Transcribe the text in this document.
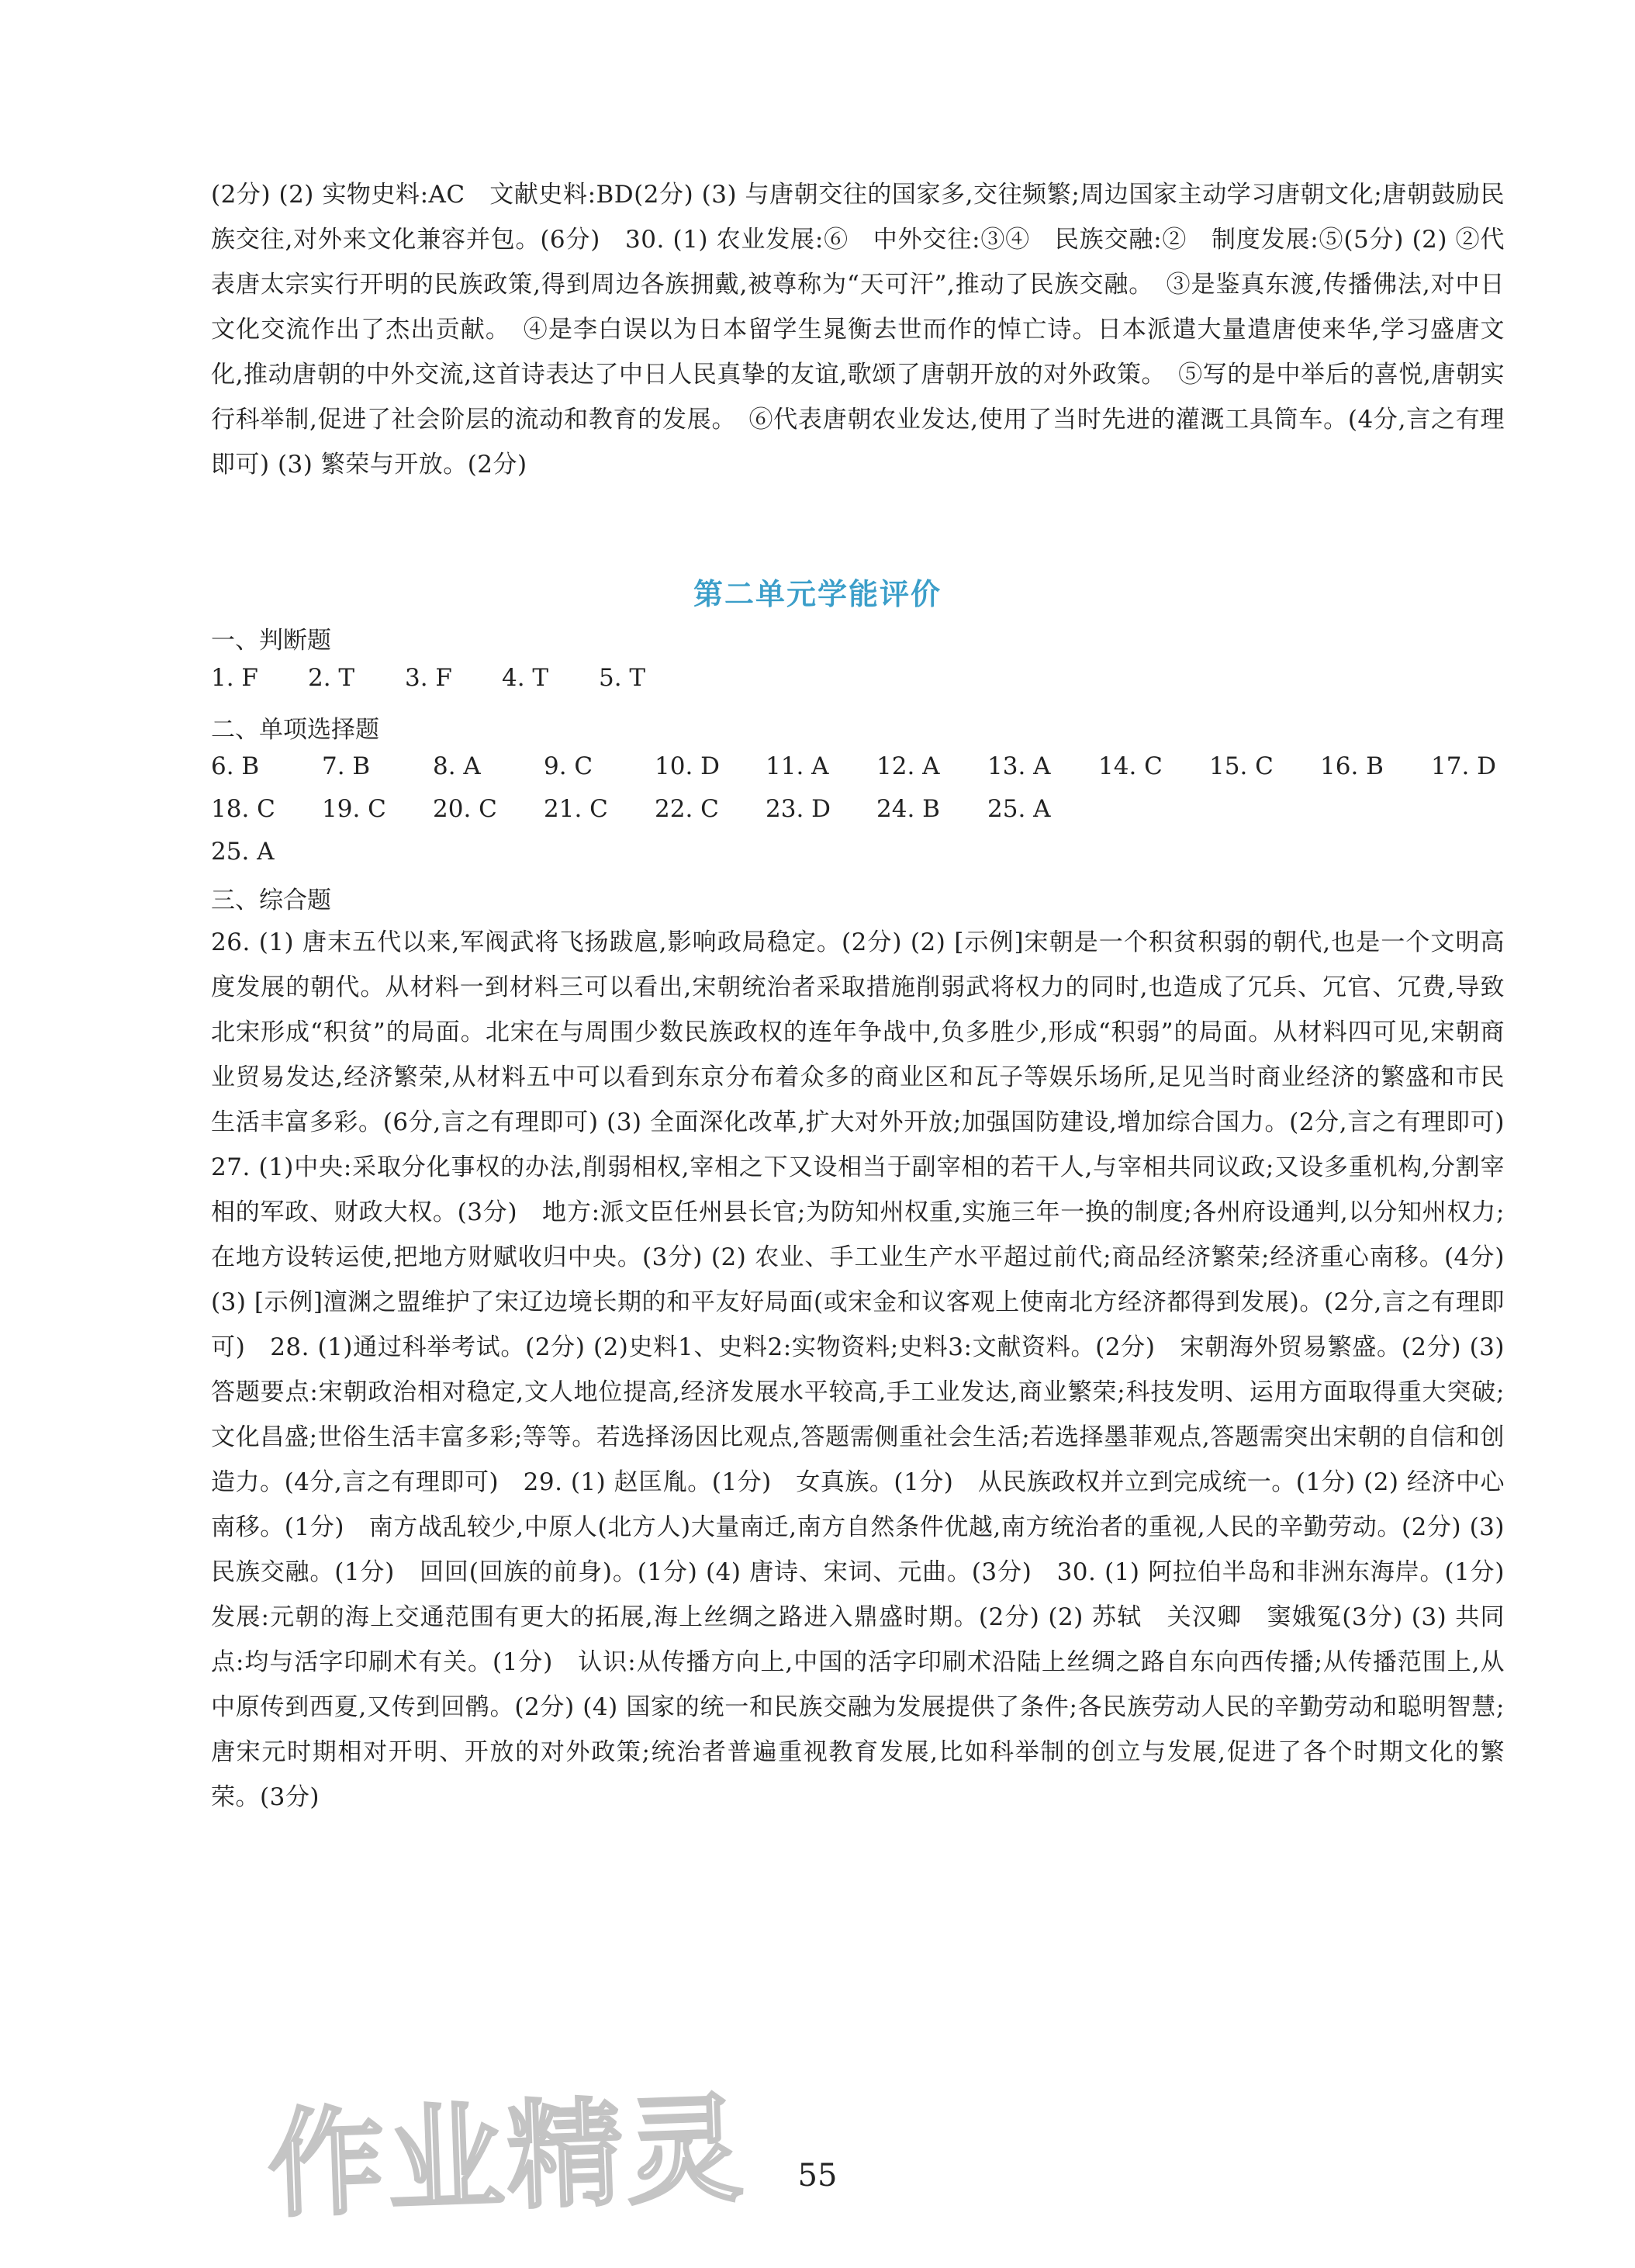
(2分) (2) 实物史料:AC　文献史料:BD(2分) (3) 与唐朝交往的国家多,交往频繁;周边国家主动学习唐朝文化;唐朝鼓励民族交往,对外来文化兼容并包。(6分)　30. (1) 农业发展:⑥　中外交往:③④　民族交融:②　制度发展:⑤(5分) (2) ②代表唐太宗实行开明的民族政策,得到周边各族拥戴,被尊称为“天可汗”,推动了民族交融。　③是鉴真东渡,传播佛法,对中日文化交流作出了杰出贡献。　④是李白误以为日本留学生晁衡去世而作的悼亡诗。日本派遣大量遣唐使来华,学习盛唐文化,推动唐朝的中外交流,这首诗表达了中日人民真挚的友谊,歌颂了唐朝开放的对外政策。　⑤写的是中举后的喜悦,唐朝实行科举制,促进了社会阶层的流动和教育的发展。　⑥代表唐朝农业发达,使用了当时先进的灌溉工具筒车。(4分,言之有理即可) (3) 繁荣与开放。(2分)

第二单元学能评价

一、判断题

1. F 2. T 3. F 4. T 5. T

二、单项选择题

6. B	7. B	8. A	9. C	10. D 11. A 12. A 13. A 14. C 15. C 16. B 17. D

18. C 19. C 20. C 21. C 22. C 23. D 24. B 25. A

25. A

三、综合题

26. (1) 唐末五代以来,军阀武将飞扬跋扈,影响政局稳定。(2分) (2) [示例]宋朝是一个积贫积弱的朝代,也是一个文明高度发展的朝代。从材料一到材料三可以看出,宋朝统治者采取措施削弱武将权力的同时,也造成了冗兵、冗官、冗费,导致北宋形成“积贫”的局面。北宋在与周围少数民族政权的连年争战中,负多胜少,形成“积弱”的局面。从材料四可见,宋朝商业贸易发达,经济繁荣,从材料五中可以看到东京分布着众多的商业区和瓦子等娱乐场所,足见当时商业经济的繁盛和市民生活丰富多彩。(6分,言之有理即可) (3) 全面深化改革,扩大对外开放;加强国防建设,增加综合国力。(2分,言之有理即可)　27. (1)中央:采取分化事权的办法,削弱相权,宰相之下又设相当于副宰相的若干人,与宰相共同议政;又设多重机构,分割宰相的军政、财政大权。(3分)　地方:派文臣任州县长官;为防知州权重,实施三年一换的制度;各州府设通判,以分知州权力;在地方设转运使,把地方财赋收归中央。(3分) (2) 农业、手工业生产水平超过前代;商品经济繁荣;经济重心南移。(4分) (3) [示例]澶渊之盟维护了宋辽边境长期的和平友好局面(或宋金和议客观上使南北方经济都得到发展)。(2分,言之有理即可)　28. (1)通过科举考试。(2分) (2)史料1、史料2:实物资料;史料3:文献资料。(2分)　宋朝海外贸易繁盛。(2分) (3)答题要点:宋朝政治相对稳定,文人地位提高,经济发展水平较高,手工业发达,商业繁荣;科技发明、运用方面取得重大突破;文化昌盛;世俗生活丰富多彩;等等。若选择汤因比观点,答题需侧重社会生活;若选择墨菲观点,答题需突出宋朝的自信和创造力。(4分,言之有理即可)　29. (1) 赵匡胤。(1分)　女真族。(1分)　从民族政权并立到完成统一。(1分) (2) 经济中心南移。(1分)　南方战乱较少,中原人(北方人)大量南迁,南方自然条件优越,南方统治者的重视,人民的辛勤劳动。(2分) (3) 民族交融。(1分)　回回(回族的前身)。(1分) (4) 唐诗、宋词、元曲。(3分)　30. (1) 阿拉伯半岛和非洲东海岸。(1分)　发展:元朝的海上交通范围有更大的拓展,海上丝绸之路进入鼎盛时期。(2分) (2) 苏轼　关汉卿　窦娥冤(3分) (3) 共同点:均与活字印刷术有关。(1分)　认识:从传播方向上,中国的活字印刷术沿陆上丝绸之路自东向西传播;从传播范围上,从中原传到西夏,又传到回鹘。(2分) (4) 国家的统一和民族交融为发展提供了条件;各民族劳动人民的辛勤劳动和聪明智慧;唐宋元时期相对开明、开放的对外政策;统治者普遍重视教育发展,比如科举制的创立与发展,促进了各个时期文化的繁荣。(3分)

作业精灵	55
